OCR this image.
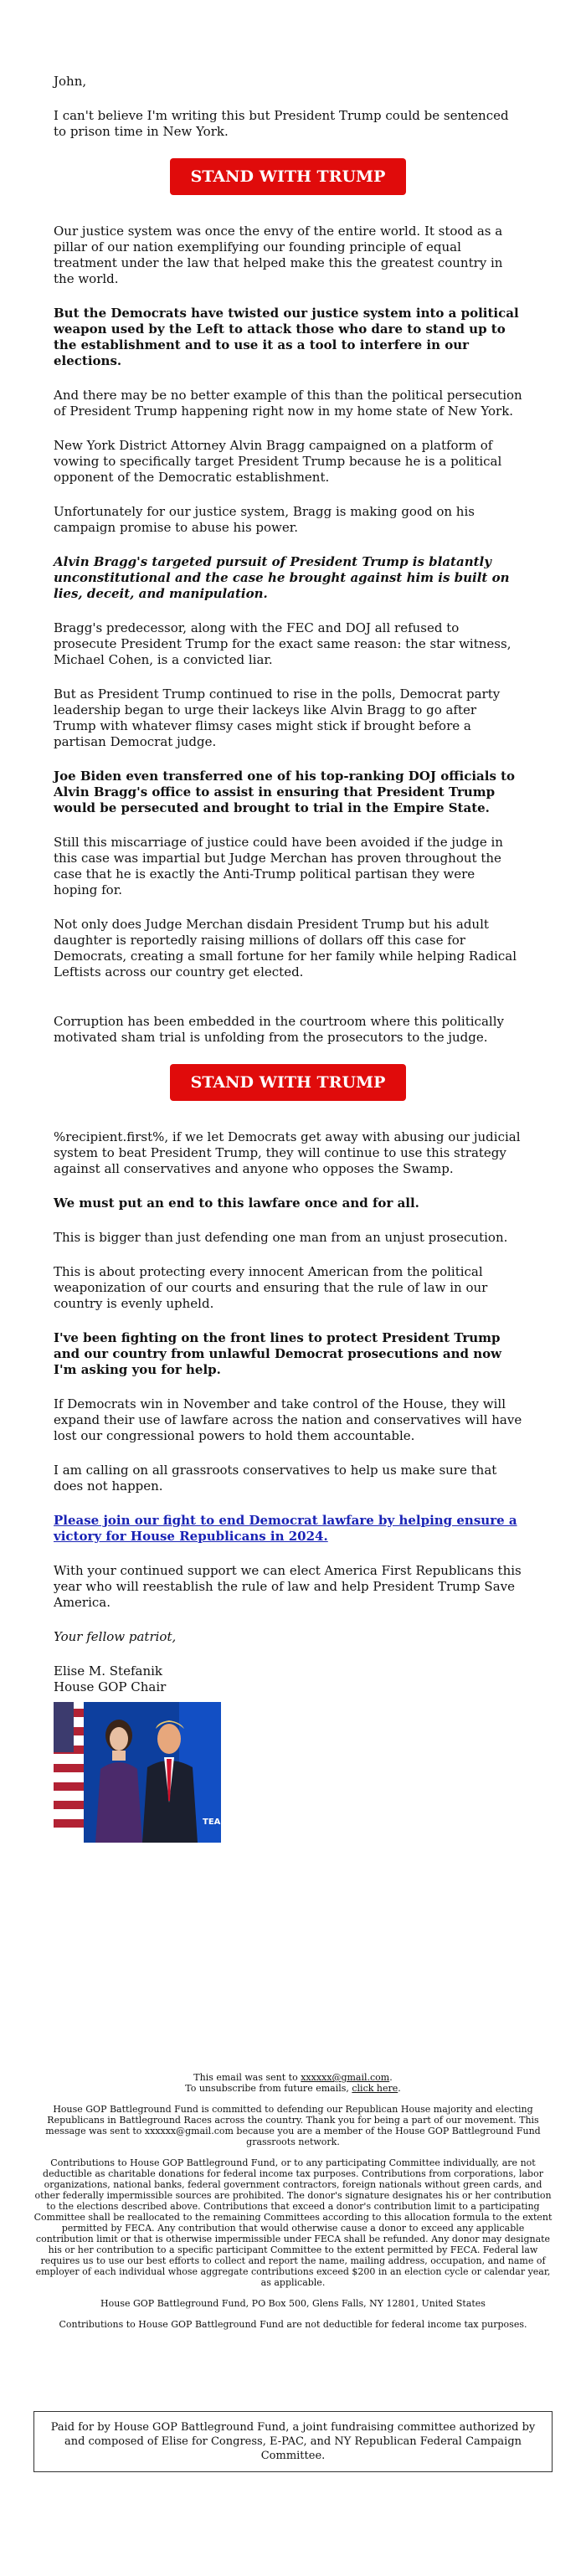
John,

I can't believe I'm writing this but President Trump could be sentenced to prison time in New York.

STAND WITH TRUMP

Our justice system was once the envy of the entire world. It stood as a pillar of our nation exemplifying our founding principle of equal treatment under the law that helped make this the greatest country in the world.

But the Democrats have twisted our justice system into a political weapon used by the Left to attack those who dare to stand up to the establishment and to use it as a tool to interfere in our elections.

And there may be no better example of this than the political persecution of President Trump happening right now in my home state of New York.

New York District Attorney Alvin Bragg campaigned on a platform of vowing to specifically target President Trump because he is a political opponent of the Democratic establishment.

Unfortunately for our justice system, Bragg is making good on his campaign promise to abuse his power.

Alvin Bragg's targeted pursuit of President Trump is blatantly unconstitutional and the case he brought against him is built on lies, deceit, and manipulation.

Bragg's predecessor, along with the FEC and DOJ all refused to prosecute President Trump for the exact same reason: the star witness, Michael Cohen, is a convicted liar.

But as President Trump continued to rise in the polls, Democrat party leadership began to urge their lackeys like Alvin Bragg to go after Trump with whatever flimsy cases might stick if brought before a partisan Democrat judge.

Joe Biden even transferred one of his top-ranking DOJ officials to Alvin Bragg's office to assist in ensuring that President Trump would be persecuted and brought to trial in the Empire State.

Still this miscarriage of justice could have been avoided if the judge in this case was impartial but Judge Merchan has proven throughout the case that he is exactly the Anti-Trump political partisan they were hoping for.

Not only does Judge Merchan disdain President Trump but his adult daughter is reportedly raising millions of dollars off this case for Democrats, creating a small fortune for her family while helping Radical Leftists across our country get elected.

Corruption has been embedded in the courtroom where this politically motivated sham trial is unfolding from the prosecutors to the judge.

STAND WITH TRUMP

%recipient.first%, if we let Democrats get away with abusing our judicial system to beat President Trump, they will continue to use this strategy against all conservatives and anyone who opposes the Swamp.

We must put an end to this lawfare once and for all.

This is bigger than just defending one man from an unjust prosecution.

This is about protecting every innocent American from the political weaponization of our courts and ensuring that the rule of law in our country is evenly upheld.

I've been fighting on the front lines to protect President Trump and our country from unlawful Democrat prosecutions and now I'm asking you for help.

If Democrats win in November and take control of the House, they will expand their use of lawfare across the nation and conservatives will have lost our congressional powers to hold them accountable.

I am calling on all grassroots conservatives to help us make sure that does not happen.

Please join our fight to end Democrat lawfare by helping ensure a victory for House Republicans in 2024.

With your continued support we can elect America First Republicans this year who will reestablish the rule of law and help President Trump Save America.

Your fellow patriot,

Elise M. Stefanik
House GOP Chair

TEAM

This email was sent to xxxxxx@gmail.com.
To unsubscribe from future emails, click here.

House GOP Battleground Fund is committed to defending our Republican House majority and electing Republicans in Battleground Races across the country. Thank you for being a part of our movement. This message was sent to xxxxxx@gmail.com because you are a member of the House GOP Battleground Fund grassroots network.

Contributions to House GOP Battleground Fund, or to any participating Committee individually, are not deductible as charitable donations for federal income tax purposes. Contributions from corporations, labor organizations, national banks, federal government contractors, foreign nationals without green cards, and other federally impermissible sources are prohibited. The donor's signature designates his or her contribution to the elections described above. Contributions that exceed a donor's contribution limit to a participating Committee shall be reallocated to the remaining Committees according to this allocation formula to the extent permitted by FECA. Any contribution that would otherwise cause a donor to exceed any applicable contribution limit or that is otherwise impermissible under FECA shall be refunded. Any donor may designate his or her contribution to a specific participant Committee to the extent permitted by FECA. Federal law requires us to use our best efforts to collect and report the name, mailing address, occupation, and name of employer of each individual whose aggregate contributions exceed $200 in an election cycle or calendar year, as applicable.

House GOP Battleground Fund, PO Box 500, Glens Falls, NY 12801, United States

Contributions to House GOP Battleground Fund are not deductible for federal income tax purposes.

Paid for by House GOP Battleground Fund, a joint fundraising committee authorized by and composed of Elise for Congress, E-PAC, and NY Republican Federal Campaign Committee.
